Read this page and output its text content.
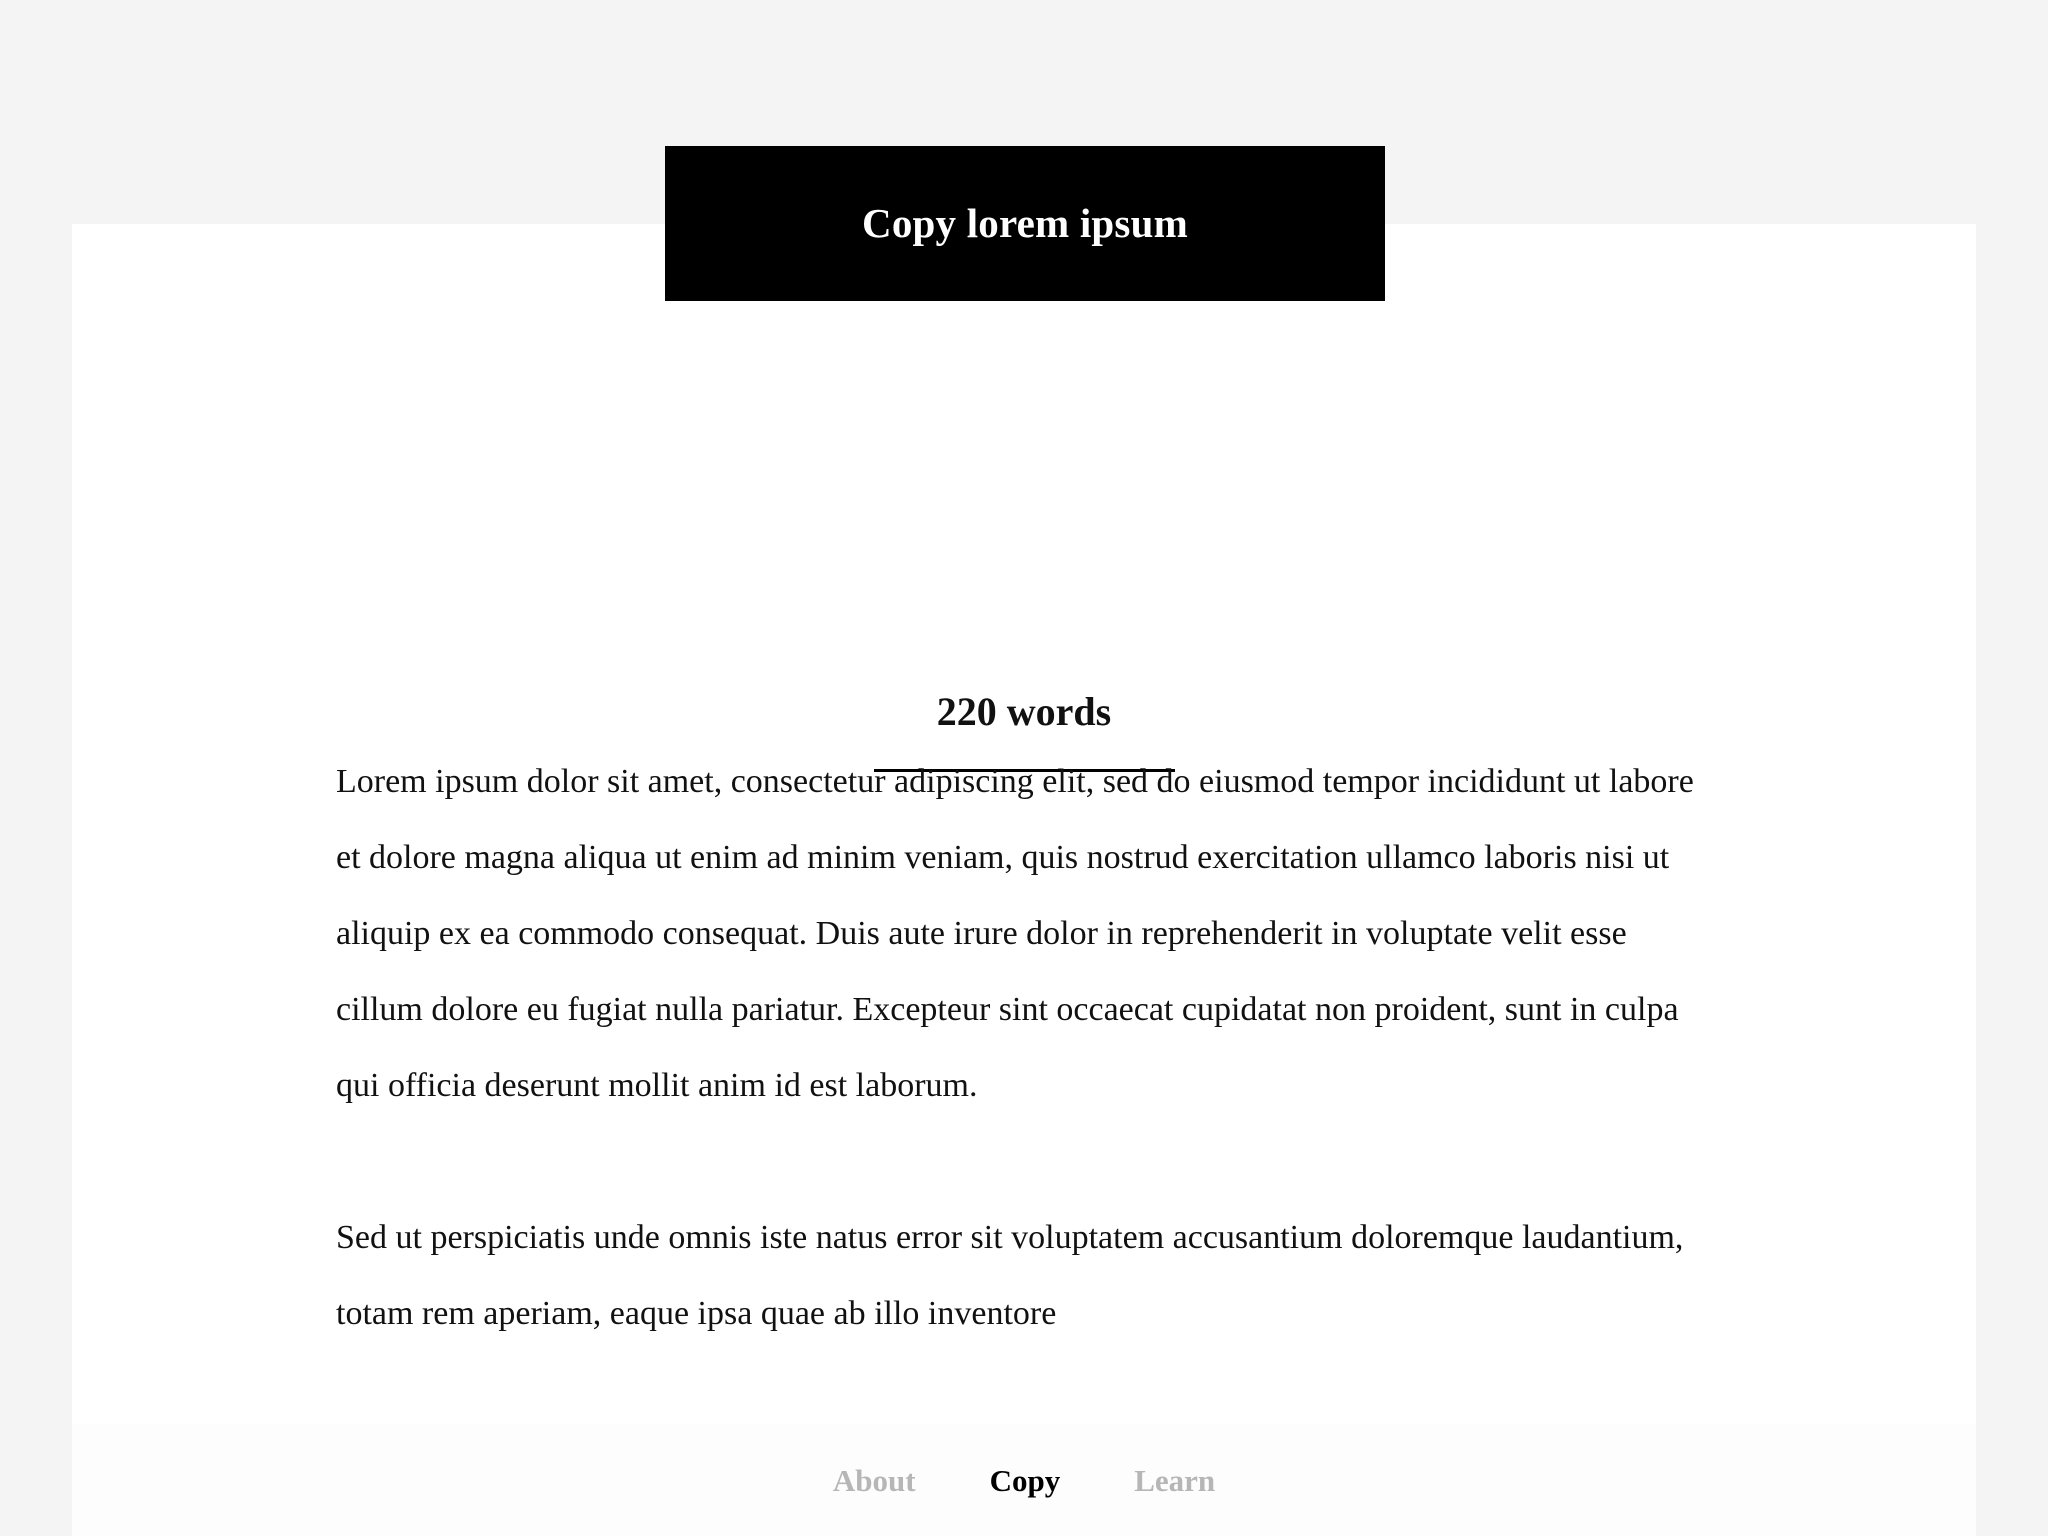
220 words

Lorem ipsum dolor sit amet, consectetur adipiscing elit, sed do eiusmod tempor incididunt ut labore et dolore magna aliqua ut enim ad minim veniam, quis nostrud exercitation ullamco laboris nisi ut aliquip ex ea commodo consequat. Duis aute irure dolor in reprehenderit in voluptate velit esse cillum dolore eu fugiat nulla pariatur. Excepteur sint occaecat cupidatat non proident, sunt in culpa qui officia deserunt mollit anim id est laborum.

Sed ut perspiciatis unde omnis iste natus error sit voluptatem accusantium doloremque laudantium, totam rem aperiam, eaque ipsa quae ab illo inventore

Copy lorem ipsum
About Copy Learn
